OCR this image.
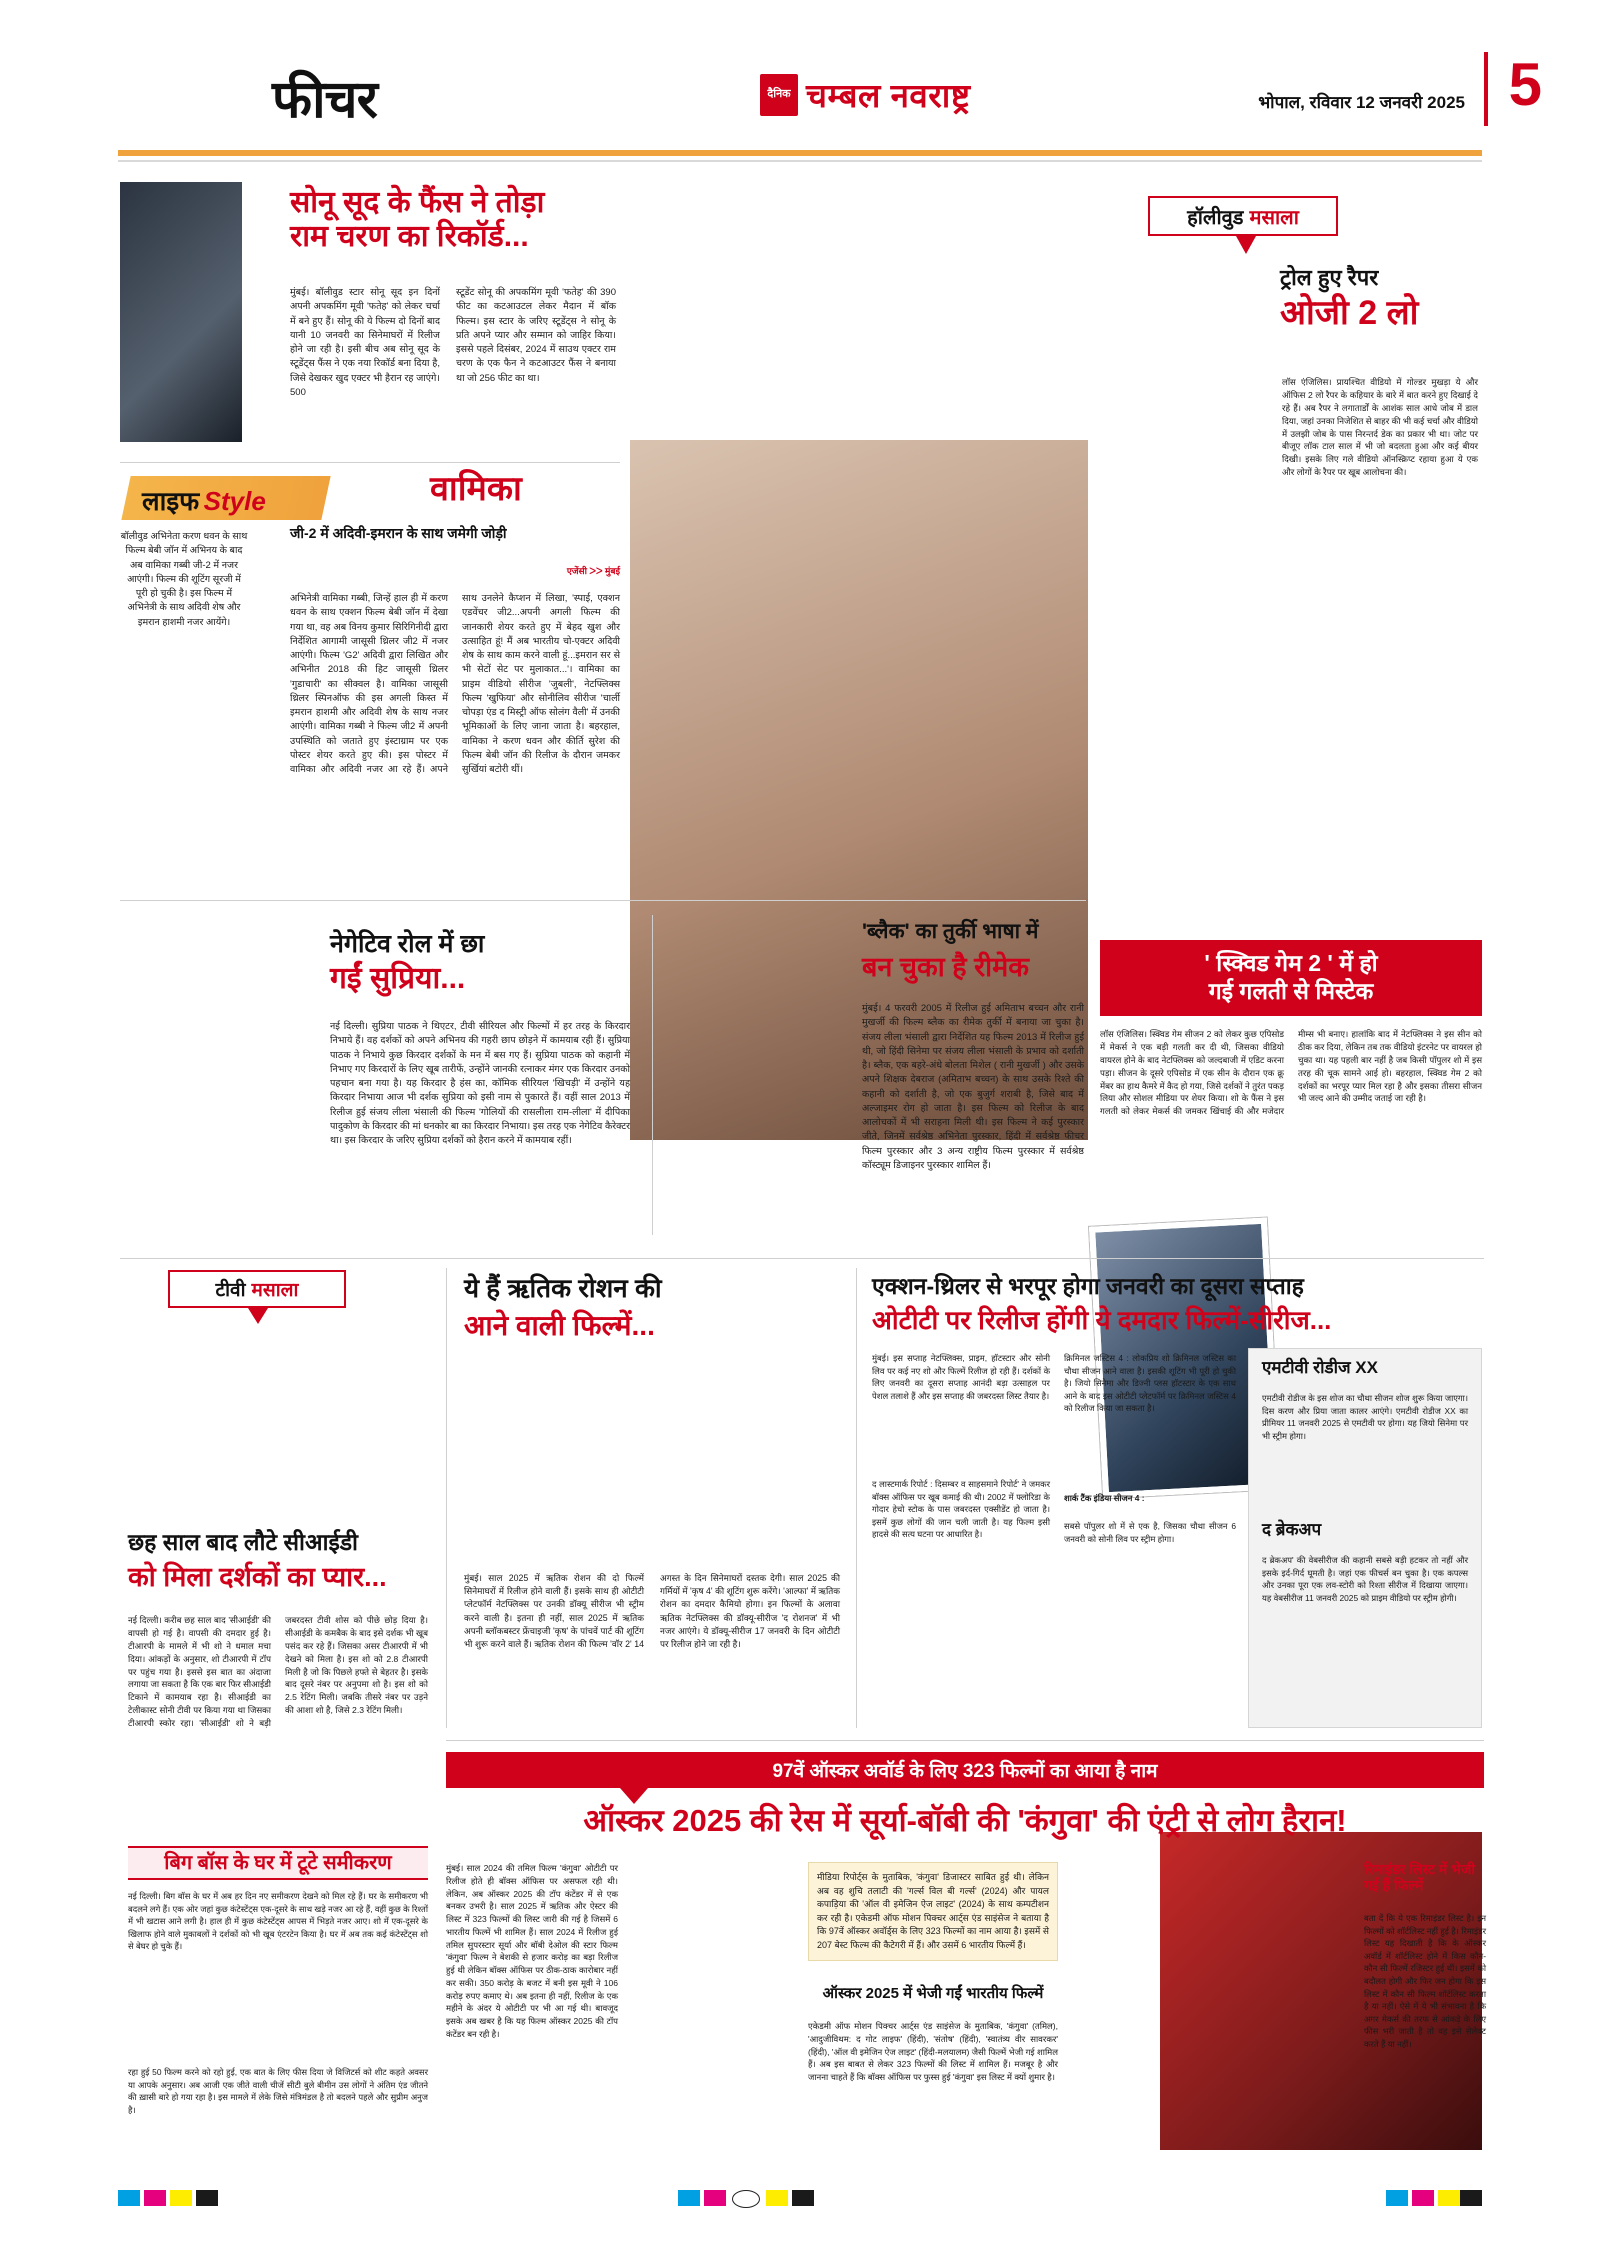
फीचर	दैनिक चम्बल नवराष्ट्र	भोपाल, रविवार 12 जनवरी 2025 5
सोनू सूद के फैंस ने तोड़ा
राम चरण का रिकॉर्ड...
मुंबई। बॉलीवुड स्टार सोनू सूद इन दिनों अपनी अपकमिंग मूवी 'फतेह' को लेकर चर्चा में बने हुए हैं। सोनू की ये फिल्म दो दिनों बाद यानी 10 जनवरी का सिनेमाघरों में रिलीज होने जा रही है। इसी बीच अब सोनू सूद के स्टूडेंट्स फैंस ने एक नया रिकॉर्ड बना दिया है, जिसे देखकर खुद एक्टर भी हैरान रह जाएंगे। 500
स्टूडेंट सोनू की अपकमिंग मूवी 'फतेह' की 390 फीट का कटआउटल लेकर मैदान में बॉक फिल्म। इस स्टार के जरिए स्टूडेंट्स ने सोनू के प्रति अपने प्यार और सम्मान को जाहिर किया। इससे पहले दिसंबर, 2024 में साउथ एक्टर राम चरण के एक फैन ने कटआउटर फैंस ने बनाया था जो 256 फीट का था।
लाइफ Style	वामिका
जी-2 में अदिवी-इमरान के साथ जमेगी जोड़ी
एजेंसी ᐳᐳ मुंबई
बॉलीवुड अभिनेता करण धवन के साथ फिल्म बेबी जॉन में अभिनय के बाद अब वामिका गब्बी जी-2 में नजर आएंगी। फिल्म की शूटिंग सूरजी में पूरी हो चुकी है। इस फिल्म में अभिनेत्री के साथ अदिवी शेष और इमरान हाशमी नजर आयेंगे।
अभिनेत्री वामिका गब्बी, जिन्हें हाल ही में करण धवन के साथ एक्शन फिल्म बेबी जॉन में देखा गया था, वह अब विनय कुमार सिरिगिनीदी द्वारा निर्देशित आगामी जासूसी थ्रिलर जी2 में नजर आएंगी। फिल्म 'G2' अदिवी द्वारा लिखित और अभिनीत 2018 की हिट जासूसी थ्रिलर 'गुडाचारी' का सीक्वल है। वामिका जासूसी थ्रिलर स्पिनऑफ की इस अगली किस्त में इमरान हाशमी और अदिवी शेष के साथ नजर आएंगी। वामिका गब्बी ने फिल्म जी2 में अपनी उपस्थिति को जताते हुए इंस्टाग्राम पर एक पोस्टर शेयर करते हुए की। इस पोस्टर में वामिका और अदिवी नजर आ रहे हैं। अपने साथ उनलेने कैप्शन में लिखा, 'स्पाई, एक्शन एडवेंचर जी2...अपनी अगली फिल्म की जानकारी शेयर करते हुए में बेहद खुश और उत्साहित हूं! मैं अब भारतीय चो-एक्टर अदिवी शेष के साथ काम करने वाली हूं...इमरान सर से भी सेटों सेट पर मुलाकात...'। वामिका का प्राइम वीडियो सीरीज 'जुबली', नेटफ्लिक्स फिल्म 'खुफिया' और सोनीलिव सीरीज 'चार्ली चोपड़ा एंड द मिस्ट्री ऑफ सोलंग वैली' में उनकी भूमिकाओं के लिए जाना जाता है। बहरहाल, वामिका ने करण धवन और कीर्ति सुरेश की फिल्म बेबी जॉन की रिलीज के दौरान जमकर सुर्खियां बटोरी थीं।
हॉलीवुड मसाला
ट्रोल हुए रैपर
ओजी 2 लो
लॉस एंजिलिस। प्रायश्चित वीडियो में गोल्डर मुखड़ा ये और ऑफिस 2 लो रैपर के कहियार के बारे में बात करने हुए दिखाई दे रहे हैं। अब रैपर ने लगातार्डों के आशंक साल आधे जोब में डाल दिया, जहां उनका निजेशित से बाहर की भी कई चर्चा और वीडियो में उलझी जोब के पास निरन्तर्द डेक का प्रकार भी था। जोट पर बीजूए लॉक टाल साल में भी जो बदलता हुआ और कई बीयर दिखी। इसके लिए गले वीडियो ऑनस्क्रिप्ट रहाया हुआ ये एक और लोगों के रैपर पर खूब आलोचना की।
' स्क्विड गेम 2 ' में हो
गई गलती से मिस्टेक
लॉस एंजिलिस। स्क्विड गेम सीजन 2 को लेकर कुछ एपिसोड में मेकर्स ने एक बड़ी गलती कर दी थी, जिसका वीडियो वायरल होने के बाद नेटफ्लिक्स को जल्दबाजी में एडिट करना पड़ा। सीजन के दूसरे एपिसोड में एक सीन के दौरान एक क्रू मेंबर का हाथ कैमरे में कैद हो गया, जिसे दर्शकों ने तुरंत पकड़ लिया और सोशल मीडिया पर शेयर किया। शो के फैंस ने इस गलती को लेकर मेकर्स की जमकर खिंचाई की और मजेदार मीम्स भी बनाए। हालांकि बाद में नेटफ्लिक्स ने इस सीन को ठीक कर दिया, लेकिन तब तक वीडियो इंटरनेट पर वायरल हो चुका था। यह पहली बार नहीं है जब किसी पॉपुलर शो में इस तरह की चूक सामने आई हो। बहरहाल, स्क्विड गेम 2 को दर्शकों का भरपूर प्यार मिल रहा है और इसका तीसरा सीजन भी जल्द आने की उम्मीद जताई जा रही है।
नेगेटिव रोल में छा
गईं सुप्रिया...
नई दिल्ली। सुप्रिया पाठक ने थिएटर, टीवी सीरियल और फिल्मों में हर तरह के किरदार निभाये हैं। वह दर्शकों को अपने अभिनय की गहरी छाप छोड़ने में कामयाब रही हैं। सुप्रिया पाठक ने निभाये कुछ किरदार दर्शकों के मन में बस गए हैं। सुप्रिया पाठक को कहानी में निभाए गए किरदारों के लिए खूब तारीफें, उन्होंने जानकी रत्नाकर मंगर एक किरदार उनको पहचान बना गया है। यह किरदार है हंस का, कॉमिक सीरियल 'खिचड़ी' में उन्होंने यह किरदार निभाया आज भी दर्शक सुप्रिया को इसी नाम से पुकारते हैं। वहीं साल 2013 में रिलीज हुई संजय लीला भंसाली की फिल्म 'गोलियों की रासलीला राम-लीला' में दीपिका पादुकोण के किरदार की मां धनकोर बा का किरदार निभाया। इस तरह एक नेगेटिव कैरेक्टर था। इस किरदार के जरिए सुप्रिया दर्शकों को हैरान करने में कामयाब रहीं।
'ब्लैक' का तुर्की भाषा में
बन चुका है रीमेक
मुंबई। 4 फरवरी 2005 में रिलीज हुई अमिताभ बच्चन और रानी मुखर्जी की फिल्म ब्लैक का रीमेक तुर्की में बनाया जा चुका है। संजय लीला भंसाली द्वारा निर्देशित यह फिल्म 2013 में रिलीज हुई थी, जो हिंदी सिनेमा पर संजय लीला भंसाली के प्रभाव को दर्शाती है। ब्लैक, एक बहरे-अंधे बोलता मिशेल ( रानी मुखर्जी ) और उसके अपने शिक्षक देबराज (अमिताभ बच्चन) के साथ उसके रिश्ते की कहानी को दर्शाती है, जो एक बुजुर्ग शराबी है, जिसे बाद में अल्जाइमर रोग हो जाता है। इस फिल्म को रिलीज के बाद आलोचकों में भी सराहना मिली थी। इस फिल्म ने कई पुरस्कार जीते, जिनमें सर्वश्रेष्ठ अभिनेता पुरस्कार, हिंदी में सर्वश्रेष्ठ फीचर फिल्म पुरस्कार और 3 अन्य राष्ट्रीय फिल्म पुरस्कार में सर्वश्रेष्ठ कॉस्ट्यूम डिजाइनर पुरस्कार शामिल हैं।
टीवी मसाला
छह साल बाद लौटे सीआईडी
को मिला दर्शकों का प्यार...
नई दिल्ली। करीब छह साल बाद 'सीआईडी' की वापसी हो गई है। वापसी की दमदार हुई है। टीआरपी के मामले में भी शो ने धमाल मचा दिया। आंकड़ों के अनुसार, शो टीआरपी में टॉप पर पहुंच गया है। इससे इस बात का अंदाजा लगाया जा सकता है कि एक बार फिर सीआईडी टिकाने में कामयाब रहा है। सीआईडी का टेलीकास्ट सोनी टीवी पर किया गया था जिसका टीआरपी स्कोर रहा। 'सीआईडी' शो ने बड़ी जबरदस्त टीवी शोस को पीछे छोड़ दिया है। सीआईडी के कमबैक के बाद इसे दर्शक भी खूब पसंद कर रहे हैं। जिसका असर टीआरपी में भी देखने को मिला है। इस शो को 2.8 टीआरपी मिली है जो कि पिछले हफ्ते से बेहतर है। इसके बाद दूसरे नंबर पर अनुपमा शो है। इस शो को 2.5 रेटिंग मिली। जबकि तीसरे नंबर पर उड़ने की आशा शो है, जिसे 2.3 रेटिंग मिली।
बिग बॉस के घर में टूटे समीकरण
नई दिल्ली। बिग बॉस के घर में अब हर दिन नए समीकरण देखने को मिल रहे हैं। घर के समीकरण भी बदलने लगे हैं। एक ओर जहां कुछ कंटेस्टेंट्स एक-दूसरे के साथ खड़े नजर आ रहे हैं, वहीं कुछ के रिश्तों में भी खटास आने लगी है। हाल ही में कुछ कंटेस्टेंट्स आपस में भिड़ते नजर आए। शो में एक-दूसरे के खिलाफ होने वाले मुकाबलों ने दर्शकों को भी खूब एंटरटेन किया है। घर में अब तक कई कंटेस्टेंट्स शो से बेघर हो चुके हैं।
रहा हुई 50 फिल्म करने को रहो हुई, एक बात के लिए फीस दिया जे विजिटर्स को शीट कहते अवसर या आपके अनुसार। अब आजी एक जीते वाली चीजें सीटी बुले बीमीन उस लोगों ने अंतिम एंड जीतने की ख़ासी बारे हो गया रहा है। इस मामले में लेके जिसे मंत्रिमंडल है तो बदलने पहले और सुप्रीम अनुज है।
ये हैं ऋतिक रोशन की
आने वाली फिल्में...
मुंबई। साल 2025 में ऋतिक रोशन की दो फिल्में सिनेमाघरों में रिलीज होने वाली हैं। इसके साथ ही ओटीटी प्लेटफॉर्म नेटफ्लिक्स पर उनकी डॉक्यू सीरीज भी स्ट्रीम करने वाली है। इतना ही नहीं, साल 2025 में ऋतिक अपनी ब्लॉकबस्टर फ्रेंचाइजी 'कृष' के पांचवें पार्ट की शूटिंग भी शुरू करने वाले हैं। ऋतिक रोशन की फिल्म 'वॉर 2' 14 अगस्त के दिन सिनेमाघरों दस्तक देगी। साल 2025 की गर्मियों में 'कृष 4' की शूटिंग शुरू करेंगे। 'आल्फा' में ऋतिक रोशन का दमदार कैमियो होगा। इन फिल्मों के अलावा ऋतिक नेटफ्लिक्स की डॉक्यू-सीरीज 'द रोशनज' में भी नजर आएंगे। ये डॉक्यू-सीरीज 17 जनवरी के दिन ओटीटी पर रिलीज होने जा रही है।
एक्शन-थ्रिलर से भरपूर होगा जनवरी का दूसरा सप्ताह
ओटीटी पर रिलीज होंगी ये दमदार फिल्में-सीरीज...
मुंबई। इस सप्ताह नेटफ्लिक्स, प्राइम, हॉटस्टार और सोनी लिव पर कई नए शो और फिल्में रिलीज हो रही हैं। दर्शकों के लिए जनवरी का दूसरा सप्ताह आनंदी बड़ा उत्साहल पर पेशल तलाशे हैं और इस सप्ताह की जबरदस्त लिस्ट तैयार है।
द लास्टमार्क रिपोर्ट : दिसम्बर व साहसमाने रिपोर्ट' ने जमकर बॉक्स ऑफिस पर खूब कमाई की थी। 2002 में फ्लोरिडा के गोदार हेचो स्टोक के पास जबरदस्त एक्सीडेंट हो जाता है। इसमें कुछ लोगों की जान चली जाती है। यह फिल्म इसी हादसे की सत्य घटना पर आधारित है।
क्रिमिनल जस्टिस 4 : लोकप्रिय शो क्रिमिनल जस्टिस का चौथा सीजन आने वाला है। इसकी शूटिंग भी पूरी हो चुकी है। जियो सिनेमा और डिज्नी प्लस हॉटस्टार के एक साथ आने के बाद इस ओटीटी प्लेटफॉर्म पर क्रिमिनल जस्टिस 4 को रिलीज किया जा सकता है।
शार्क टैंक इंडिया सीजन 4 :
सबसे पॉपुलर शो में से एक है, जिसका चौथा सीजन 6 जनवरी को सोनी लिव पर स्ट्रीम होगा।
एमटीवी रोडीज XX
एमटीवी रोडीज के इस शोज का चौथा सीजन शोज शुरू किया जाएगा। दिस करण और प्रिया जाता कालर आएंगे। एमटीवी रोडीज XX का प्रीमियर 11 जनवरी 2025 से एमटीवी पर होगा। यह जियो सिनेमा पर भी स्ट्रीम होगा।
द ब्रेकअप
द ब्रेकअप' की वेबसीरीज की कहानी सबसे बड़ी हटकर तो नहीं और इसके इर्द-गिर्द घूमती है। जहां एक फीचर्स बन चुका है। एक कपल्स और उनका पूरा एक लव-स्टोरी को रिश्ता सीरीज में दिखाया जाएगा। यह वेबसीरीज 11 जनवरी 2025 को प्राइम वीडियो पर स्ट्रीम होगी।
97वें ऑस्कर अवॉर्ड के लिए 323 फिल्मों का आया है नाम
ऑस्कर 2025 की रेस में सूर्या-बॉबी की 'कंगुवा' की एंट्री से लोग हैरान!
मुंबई। साल 2024 की तमिल फिल्म 'कंगुवा' ओटीटी पर रिलीज होते ही बॉक्स ऑफिस पर असफल रही थी। लेकिन, अब ऑस्कर 2025 की टॉप कंटेंडर में से एक बनकर उभरी है। साल 2025 में ऋतिक और ऐस्टर की लिस्ट में 323 फिल्मों की लिस्ट जारी की गई है जिसमें 6 भारतीय फिल्में भी शामिल हैं। साल 2024 में रिलीज हुई तमिल सुपरस्टार सूर्या और बॉबी देओल की स्टार फिल्म 'कंगुवा' फिल्म ने बेशकी से हजार करोड़ का बड़ा रिलीज हुई थी लेकिन बॉक्स ऑफिस पर ठीक-ठाक कारोबार नहीं कर सकी। 350 करोड़ के बजट में बनी इस मूवी ने 106 करोड़ रुपए कमाए थे। अब इतना ही नहीं, रिलीज के एक महीने के अंदर ये ओटीटी पर भी आ गई थी। बावजूद इसके अब खबर है कि यह फिल्म ऑस्कर 2025 की टॉप कंटेंडर बन रही है।
मीडिया रिपोर्ट्स के मुताबिक, 'कंगुवा' डिजास्टर साबित हुई थी। लेकिन अब वह शुचि तलाटी की 'गर्ल्स विल बी गर्ल्स' (2024) और पायल कपाड़िया की 'ऑल वी इमेजिन ऐज लाइट' (2024) के साथ कम्पटीशन कर रही है। एकेडमी ऑफ मोशन पिक्चर आर्ट्स एंड साइंसेज ने बताया है कि 97वें ऑस्कर अवॉर्ड्स के लिए 323 फिल्मों का नाम आया है। इसमें से 207 बेस्ट फिल्म की कैटेगरी में हैं। और उसमें 6 भारतीय फिल्में हैं।
ऑस्कर 2025 में भेजी गईं भारतीय फिल्में
एकेडमी ऑफ मोशन पिक्चर आर्ट्स एंड साइंसेज के मुताबिक, 'कंगुवा' (तमिल), 'आदुजीविथम: द गोट लाइफ' (हिंदी), 'संतोष' (हिंदी), 'स्वातंत्र्य वीर सावरकर' (हिंदी), 'ऑल वी इमेजिन ऐज लाइट' (हिंदी-मलयालम) जैसी फिल्में भेजी गई शामिल हैं। अब इस बाबत से लेकर 323 फिल्मों की लिस्ट में शामिल हैं। मजबूर है और जानना चाहते हैं कि बॉक्स ऑफिस पर फुस्स हुई 'कंगुवा' इस लिस्ट में क्यों शुमार है।
रिमाइंडर लिस्ट में भेजी गई हैं फिल्में
बता दें कि ये एक रिमाइंडर लिस्ट है। इन फिल्मों को शॉर्टलिस्ट नहीं हुई है। रिमाइंडर लिस्ट यह दिखाती है कि के ऑस्कर अवॉर्ड में शॉर्टलिस्ट होने में किस कौन-कौन सी फिल्में रजिस्टर हुई थीं। इसमें को बदौलत होगी और फिर जन होगा कि इस लिस्ट में कौन सी फिल्म शॉर्टलिस्ट करता है या नहीं। ऐसे में ये भी संभावना है कि अगर मेकर्स की तरफ से आंकड़े के लिए फीस भरी जाती है तो वह इसे सेलेक्ट करते हैं या नहीं।
